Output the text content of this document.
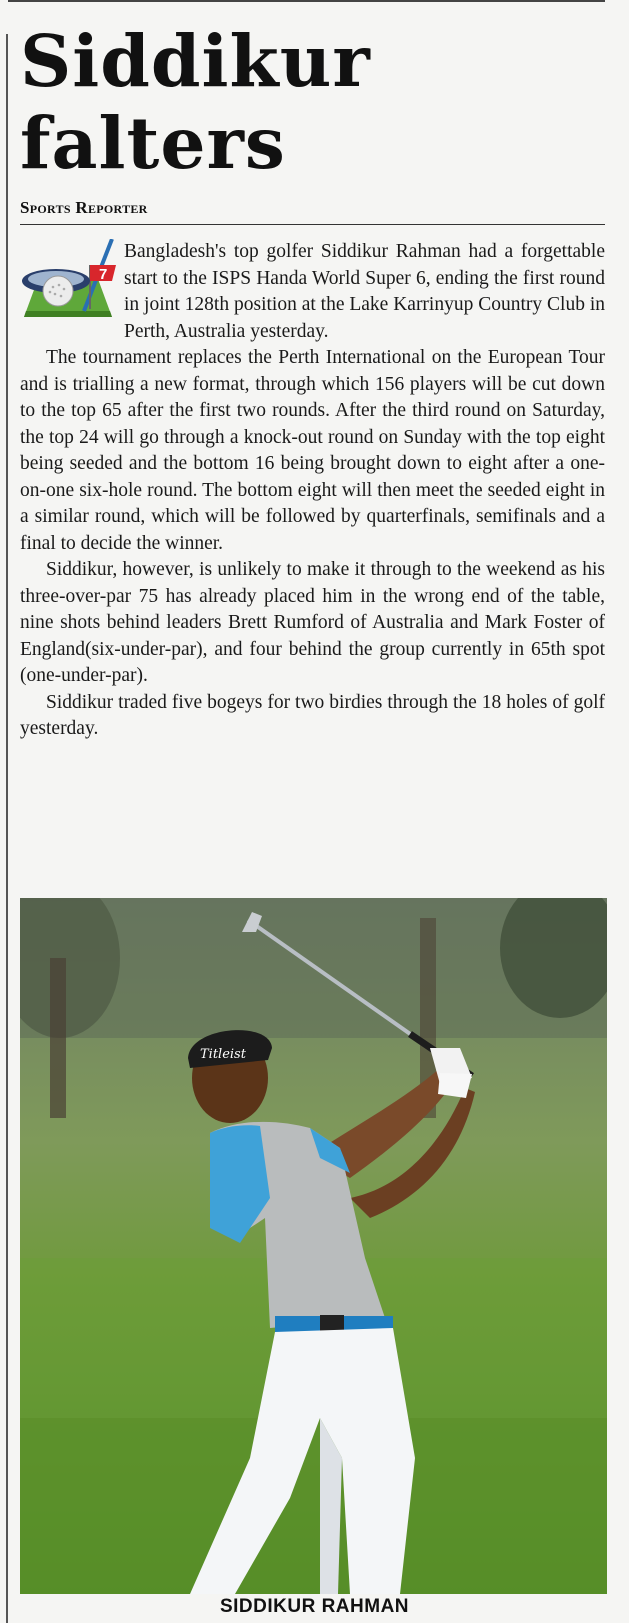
Siddikur
falters
Sports Reporter
7

Bangladesh's top golfer Siddikur Rahman had a forgettable start to the ISPS Handa World Super 6, ending the first round in joint 128th position at the Lake Karrinyup Country Club in Perth, Australia yesterday.

The tournament replaces the Perth International on the European Tour and is trialling a new format, through which 156 players will be cut down to the top 65 after the first two rounds. After the third round on Saturday, the top 24 will go through a knock-out round on Sunday with the top eight being seeded and the bottom 16 being brought down to eight after a one-on-one six-hole round. The bottom eight will then meet the seeded eight in a similar round, which will be followed by quarterfinals, semifinals and a final to decide the winner.

Siddikur, however, is unlikely to make it through to the weekend as his three-over-par 75 has already placed him in the wrong end of the table, nine shots behind leaders Brett Rumford of Australia and Mark Foster of England(six-under-par), and four behind the group currently in 65th spot (one-under-par).

Siddikur traded five bogeys for two birdies through the 18 holes of golf yesterday.

Titleist
SIDDIKUR RAHMAN
